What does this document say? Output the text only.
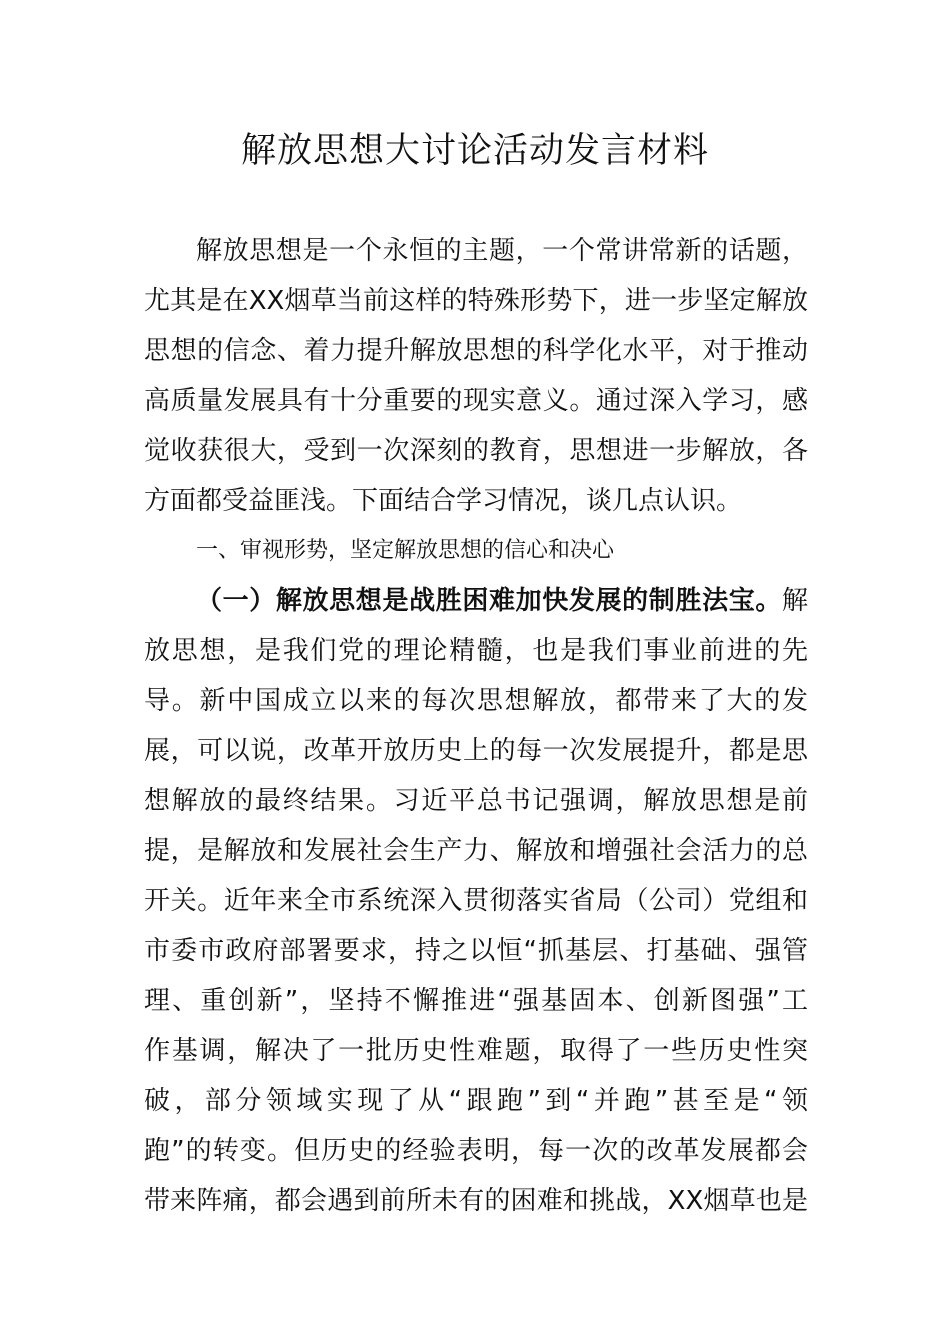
解放思想大讨论活动发言材料
解放思想是一个永恒的主题，一个常讲常新的话题，
尤其是在XX烟草当前这样的特殊形势下，进一步坚定解放
思想的信念、着力提升解放思想的科学化水平，对于推动
高质量发展具有十分重要的现实意义。通过深入学习，感
觉收获很大，受到一次深刻的教育，思想进一步解放，各
方面都受益匪浅。下面结合学习情况，谈几点认识。
一、审视形势，坚定解放思想的信心和决心
（一）解放思想是战胜困难加快发展的制胜法宝。解
放思想，是我们党的理论精髓，也是我们事业前进的先
导。新中国成立以来的每次思想解放，都带来了大的发
展，可以说，改革开放历史上的每一次发展提升，都是思
想解放的最终结果。习近平总书记强调，解放思想是前
提，是解放和发展社会生产力、解放和增强社会活力的总
开关。近年来全市系统深入贯彻落实省局（公司）党组和
市委市政府部署要求，持之以恒“抓基层、打基础、强管
理、重创新”，坚持不懈推进“强基固本、创新图强”工
作基调，解决了一批历史性难题，取得了一些历史性突
破，部分领域实现了从“跟跑”到“并跑”甚至是“领
跑”的转变。但历史的经验表明，每一次的改革发展都会
带来阵痛，都会遇到前所未有的困难和挑战，XX烟草也是
